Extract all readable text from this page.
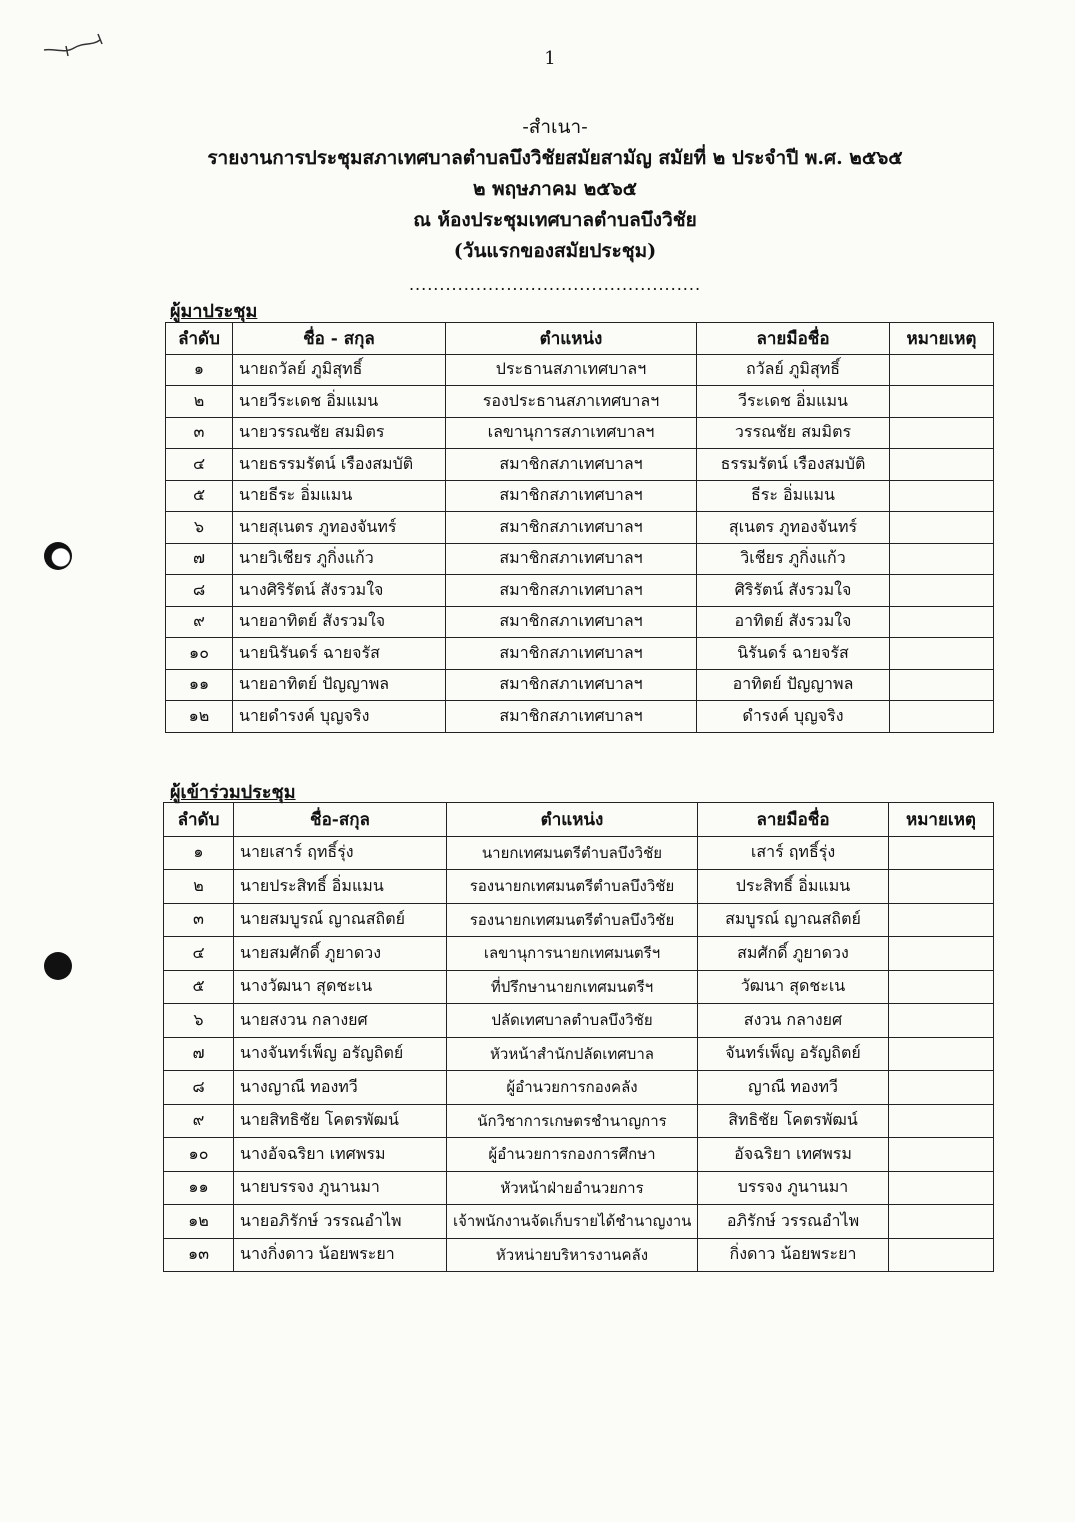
1
-สำเนา-
รายงานการประชุมสภาเทศบาลตำบลบึงวิชัยสมัยสามัญ สมัยที่ ๒ ประจำปี พ.ศ. ๒๕๖๕
๒ พฤษภาคม ๒๕๖๕
ณ ห้องประชุมเทศบาลตำบลบึงวิชัย
(วันแรกของสมัยประชุม)
................................................
ผู้มาประชุม
ลำดับ	ชื่อ - สกุล	ตำแหน่ง	ลายมือชื่อ	หมายเหตุ
๑	นายถวัลย์ ภูมิสุทธิ์	ประธานสภาเทศบาลฯ	ถวัลย์ ภูมิสุทธิ์	
๒	นายวีระเดช อิ่มแมน	รองประธานสภาเทศบาลฯ	วีระเดช อิ่มแมน	
๓	นายวรรณชัย สมมิตร	เลขานุการสภาเทศบาลฯ	วรรณชัย สมมิตร	
๔	นายธรรมรัตน์ เรืองสมบัติ	สมาชิกสภาเทศบาลฯ	ธรรมรัตน์ เรืองสมบัติ	
๕	นายธีระ อิ่มแมน	สมาชิกสภาเทศบาลฯ	ธีระ อิ่มแมน	
๖	นายสุเนตร ภูทองจันทร์	สมาชิกสภาเทศบาลฯ	สุเนตร ภูทองจันทร์	
๗	นายวิเชียร ภูกิ่งแก้ว	สมาชิกสภาเทศบาลฯ	วิเชียร ภูกิ่งแก้ว	
๘	นางศิริรัตน์ สังรวมใจ	สมาชิกสภาเทศบาลฯ	ศิริรัตน์ สังรวมใจ	
๙	นายอาทิตย์ สังรวมใจ	สมาชิกสภาเทศบาลฯ	อาทิตย์ สังรวมใจ	
๑๐	นายนิรันดร์ ฉายจรัส	สมาชิกสภาเทศบาลฯ	นิรันดร์ ฉายจรัส	
๑๑	นายอาทิตย์ ปัญญาพล	สมาชิกสภาเทศบาลฯ	อาทิตย์ ปัญญาพล	
๑๒	นายดำรงค์ บุญจริง	สมาชิกสภาเทศบาลฯ	ดำรงค์ บุญจริง	
ผู้เข้าร่วมประชุม
ลำดับ	ชื่อ-สกุล	ตำแหน่ง	ลายมือชื่อ	หมายเหตุ
๑	นายเสาร์ ฤทธิ์รุ่ง	นายกเทศมนตรีตำบลบึงวิชัย	เสาร์ ฤทธิ์รุ่ง	
๒	นายประสิทธิ์ อิ่มแมน	รองนายกเทศมนตรีตำบลบึงวิชัย	ประสิทธิ์ อิ่มแมน	
๓	นายสมบูรณ์ ญาณสถิตย์	รองนายกเทศมนตรีตำบลบึงวิชัย	สมบูรณ์ ญาณสถิตย์	
๔	นายสมศักดิ์ ภูยาดวง	เลขานุการนายกเทศมนตรีฯ	สมศักดิ์ ภูยาดวง	
๕	นางวัฒนา สุดชะเน	ที่ปรึกษานายกเทศมนตรีฯ	วัฒนา สุดชะเน	
๖	นายสงวน กลางยศ	ปลัดเทศบาลตำบลบึงวิชัย	สงวน กลางยศ	
๗	นางจันทร์เพ็ญ อรัญถิตย์	หัวหน้าสำนักปลัดเทศบาล	จันทร์เพ็ญ อรัญถิตย์	
๘	นางญาณี ทองทวี	ผู้อำนวยการกองคลัง	ญาณี ทองทวี	
๙	นายสิทธิชัย โคตรพัฒน์	นักวิชาการเกษตรชำนาญการ	สิทธิชัย โคตรพัฒน์	
๑๐	นางอัจฉริยา เทศพรม	ผู้อำนวยการกองการศึกษา	อัจฉริยา เทศพรม	
๑๑	นายบรรจง ภูนานมา	หัวหน้าฝ่ายอำนวยการ	บรรจง ภูนานมา	
๑๒	นายอภิรักษ์ วรรณอำไพ	เจ้าพนักงานจัดเก็บรายได้ชำนาญงาน	อภิรักษ์ วรรณอำไพ	
๑๓	นางกิ่งดาว น้อยพระยา	หัวหน่ายบริหารงานคลัง	กิ่งดาว น้อยพระยา	
